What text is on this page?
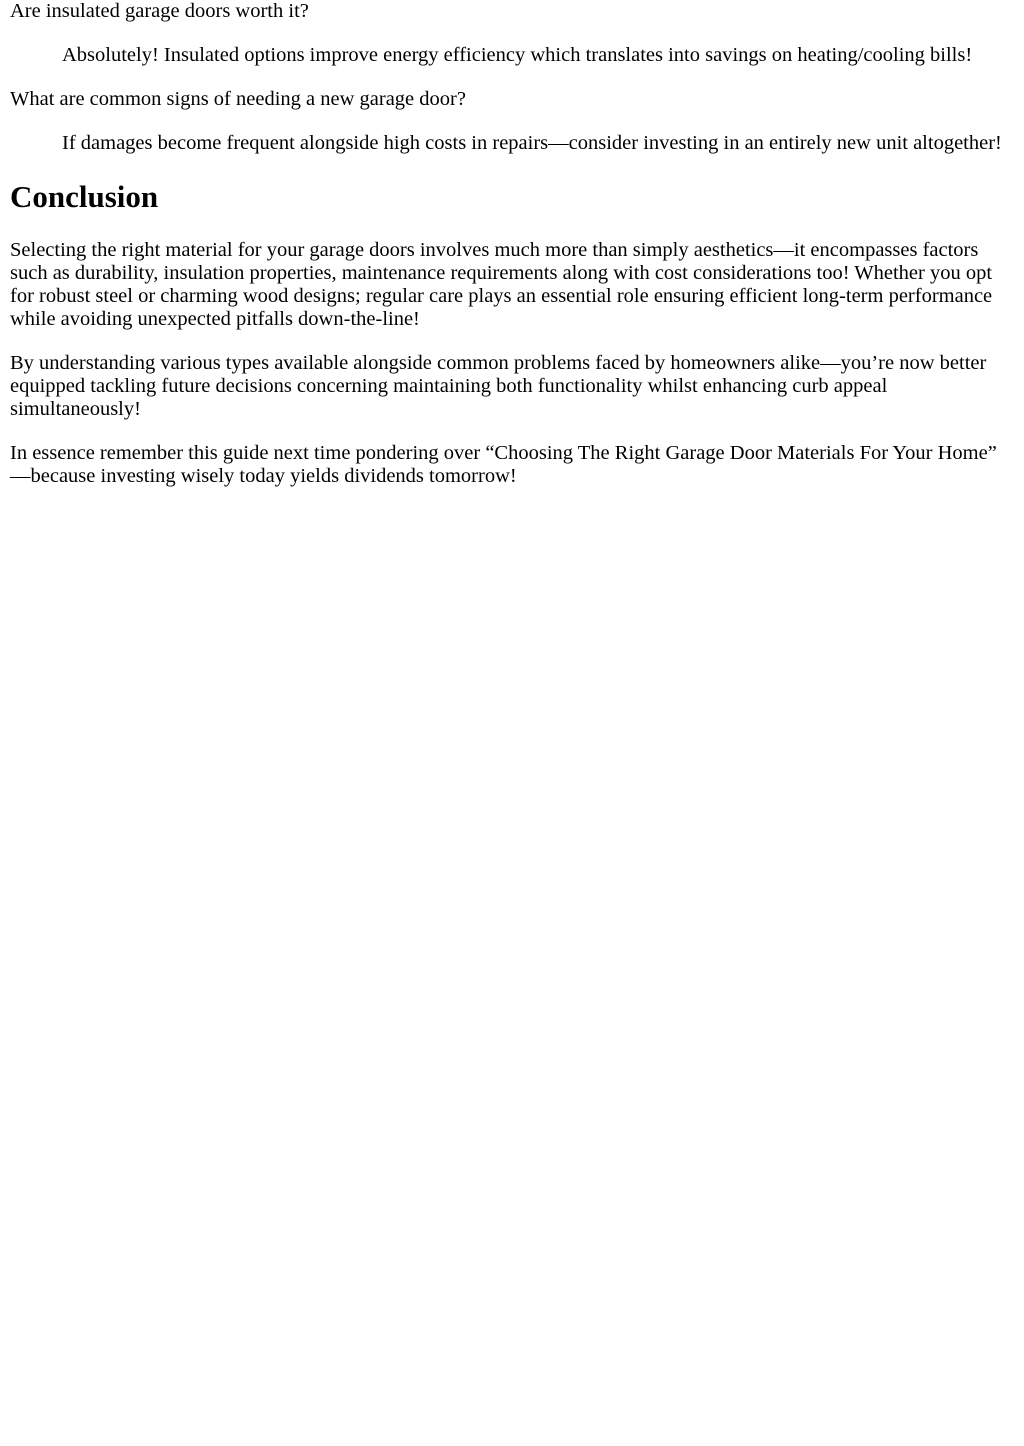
Are insulated garage doors worth it?
Absolutely! Insulated options improve energy efficiency which translates into savings on heating/cooling bills!
What are common signs of needing a new garage door?
If damages become frequent alongside high costs in repairs—consider investing in an entirely new unit altogether!
Conclusion

Selecting the right material for your garage doors involves much more than simply aesthetics—it encompasses factors such as durability, insulation properties, maintenance requirements along with cost considerations too! Whether you opt for robust steel or charming wood designs; regular care plays an essential role ensuring efficient long-term performance while avoiding unexpected pitfalls down-the-line!

By understanding various types available alongside common problems faced by homeowners alike—you’re now better equipped tackling future decisions concerning maintaining both functionality whilst enhancing curb appeal simultaneously!

In essence remember this guide next time pondering over “Choosing The Right Garage Door Materials For Your Home” —because investing wisely today yields dividends tomorrow!
